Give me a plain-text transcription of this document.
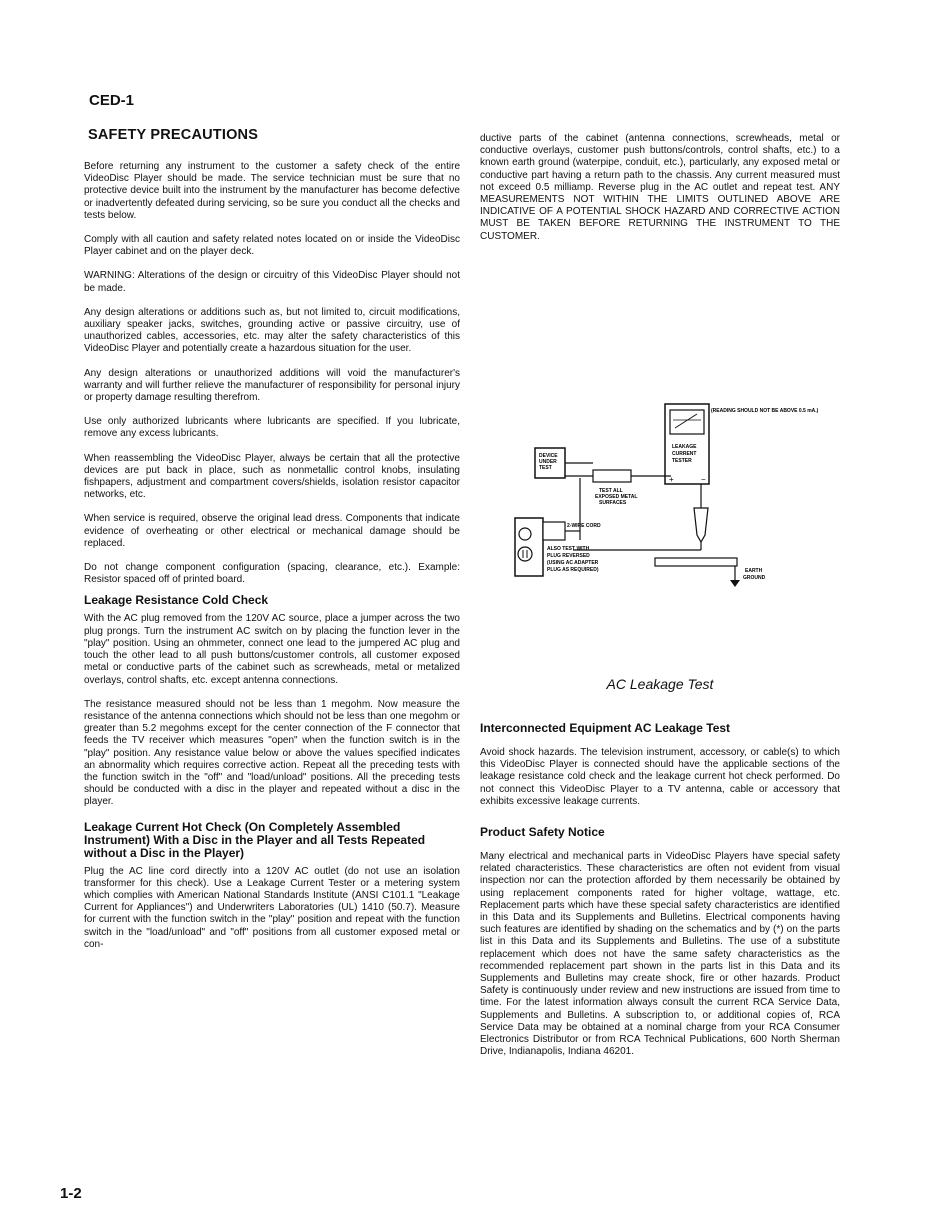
CED-1
SAFETY PRECAUTIONS

Before returning any instrument to the customer a safety check of the entire VideoDisc Player should be made. The service technician must be sure that no protective device built into the instrument by the manufacturer has become defective or inadvertently defeated during servicing, so be sure you conduct all the checks and tests below.

Comply with all caution and safety related notes located on or inside the VideoDisc Player cabinet and on the player deck.

WARNING: Alterations of the design or circuitry of this VideoDisc Player should not be made.

Any design alterations or additions such as, but not limited to, circuit modifications, auxiliary speaker jacks, switches, grounding active or passive circuitry, use of unauthorized cables, accessories, etc. may alter the safety characteristics of this VideoDisc Player and potentially create a hazardous situation for the user.

Any design alterations or unauthorized additions will void the manufacturer's warranty and will further relieve the manufacturer of responsibility for personal injury or property damage resulting therefrom.

Use only authorized lubricants where lubricants are specified. If you lubricate, remove any excess lubricants.

When reassembling the VideoDisc Player, always be certain that all the protective devices are put back in place, such as nonmetallic control knobs, insulating fishpapers, adjustment and compartment covers/shields, isolation resistor capacitor networks, etc.

When service is required, observe the original lead dress. Components that indicate evidence of overheating or other electrical or mechanical damage should be replaced.

Do not change component configuration (spacing, clearance, etc.). Example: Resistor spaced off of printed board.

Leakage Resistance Cold Check

With the AC plug removed from the 120V AC source, place a jumper across the two plug prongs. Turn the instrument AC switch on by placing the function lever in the "play" position. Using an ohmmeter, connect one lead to the jumpered AC plug and touch the other lead to all push buttons/customer controls, all customer exposed metal or conductive parts of the cabinet such as screwheads, metal or metalized overlays, control shafts, etc. except antenna connections.

The resistance measured should not be less than 1 megohm. Now measure the resistance of the antenna connections which should not be less than one megohm or greater than 5.2 megohms except for the center connection of the F connector that feeds the TV receiver which measures "open" when the function switch is in the "play" position. Any resistance value below or above the values specified indicates an abnormality which requires corrective action. Repeat all the preceding tests with the function switch in the "off" and "load/unload" positions. All the preceding tests should be conducted with a disc in the player and repeated without a disc in the player.

Leakage Current Hot Check (On Completely Assembled Instrument) With a Disc in the Player and all Tests Repeated without a Disc in the Player)

Plug the AC line cord directly into a 120V AC outlet (do not use an isolation transformer for this check). Use a Leakage Current Tester or a metering system which complies with American National Standards Institute (ANSI C101.1 "Leakage Current for Appliances") and Underwriters Laboratories (UL) 1410 (50.7). Measure for current with the function switch in the "play" position and repeat with the function switch in the "load/unload" and "off" positions from all customer exposed metal or con-

ductive parts of the cabinet (antenna connections, screwheads, metal or conductive overlays, customer push buttons/controls, control shafts, etc.) to a known earth ground (waterpipe, conduit, etc.), particularly, any exposed metal or conductive part having a return path to the chassis. Any current measured must not exceed 0.5 milliamp. Reverse plug in the AC outlet and repeat test. ANY MEASUREMENTS NOT WITHIN THE LIMITS OUTLINED ABOVE ARE INDICATIVE OF A POTENTIAL SHOCK HAZARD AND CORRECTIVE ACTION MUST BE TAKEN BEFORE RETURNING THE INSTRUMENT TO THE CUSTOMER.

(READING SHOULD NOT BE ABOVE 0.5 mA.)
LEAKAGE
CURRENT
TESTER
+	−
DEVICE
UNDER
TEST
TEST ALL
EXPOSED METAL
SURFACES
2-WIRE CORD
ALSO TEST WITH
PLUG REVERSED
(USING AC ADAPTER
PLUG AS REQUIRED)	EARTH
GROUND
AC Leakage Test
Interconnected Equipment AC Leakage Test

Avoid shock hazards. The television instrument, accessory, or cable(s) to which this VideoDisc Player is connected should have the applicable sections of the leakage resistance cold check and the leakage current hot check performed. Do not connect this VideoDisc Player to a TV antenna, cable or accessory that exhibits excessive leakage currents.

Product Safety Notice

Many electrical and mechanical parts in VideoDisc Players have special safety related characteristics. These characteristics are often not evident from visual inspection nor can the protection afforded by them necessarily be obtained by using replacement components rated for higher voltage, wattage, etc. Replacement parts which have these special safety characteristics are identified in this Data and its Supplements and Bulletins. Electrical components having such features are identified by shading on the schematics and by (*) on the parts list in this Data and its Supplements and Bulletins. The use of a substitute replacement which does not have the same safety characteristics as the recommended replacement part shown in the parts list in this Data and its Supplements and Bulletins may create shock, fire or other hazards. Product Safety is continuously under review and new instructions are issued from time to time. For the latest information always consult the current RCA Service Data, Supplements and Bulletins. A subscription to, or additional copies of, RCA Service Data may be obtained at a nominal charge from your RCA Consumer Electronics Distributor or from RCA Technical Publications, 600 North Sherman Drive, Indianapolis, Indiana 46201.

1-2
